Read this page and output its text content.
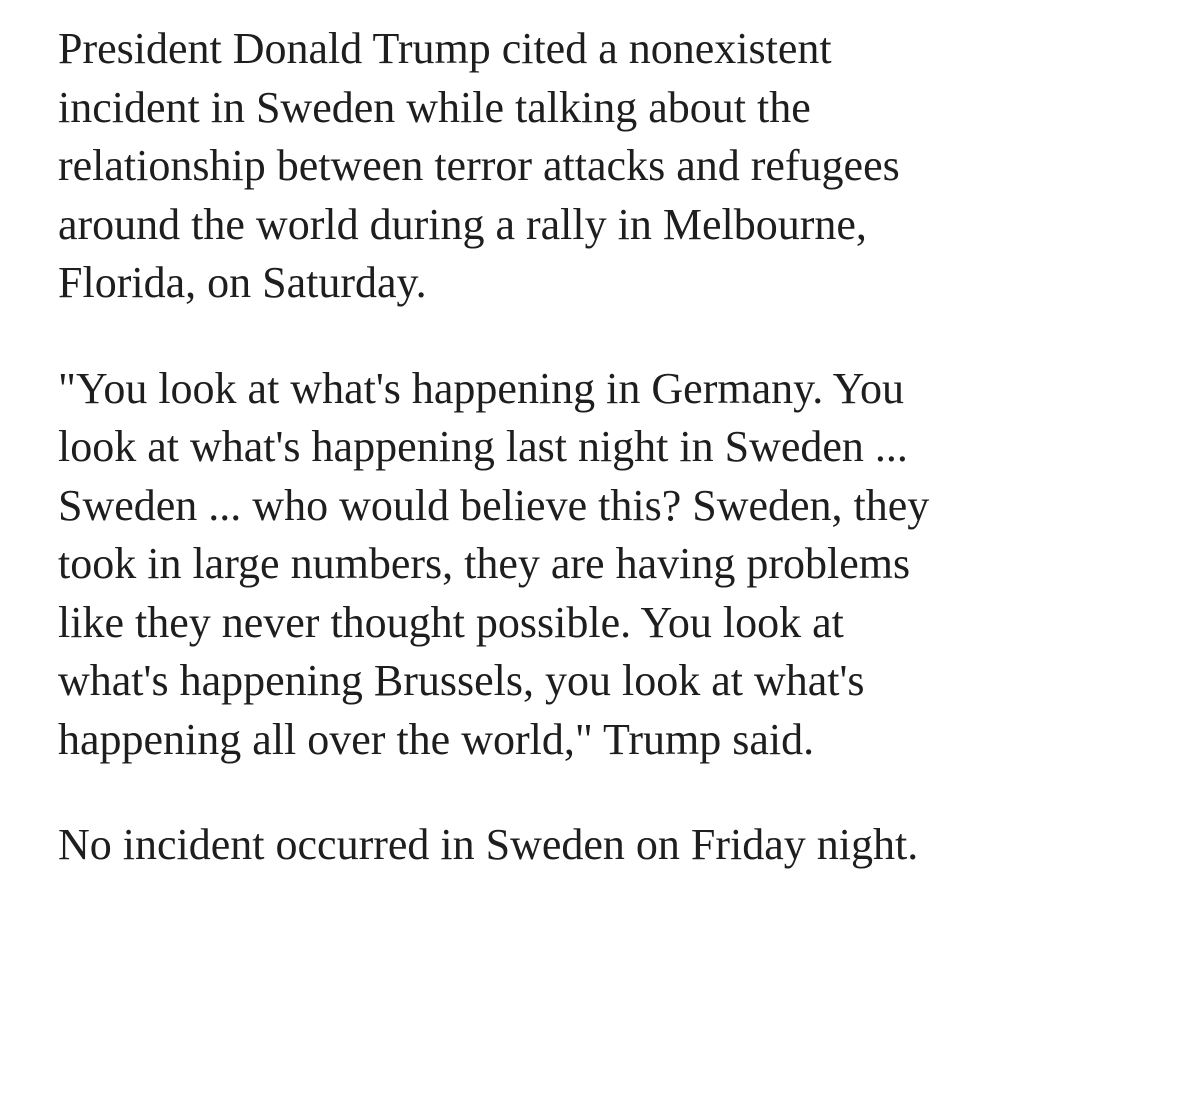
President Donald Trump cited a nonexistent
incident in Sweden while talking about the
relationship between terror attacks and refugees
around the world during a rally in Melbourne,
Florida, on Saturday.

"You look at what's happening in Germany. You
look at what's happening last night in Sweden ...
Sweden ... who would believe this? Sweden, they
took in large numbers, they are having problems
like they never thought possible. You look at
what's happening Brussels, you look at what's
happening all over the world," Trump said.

No incident occurred in Sweden on Friday night.
